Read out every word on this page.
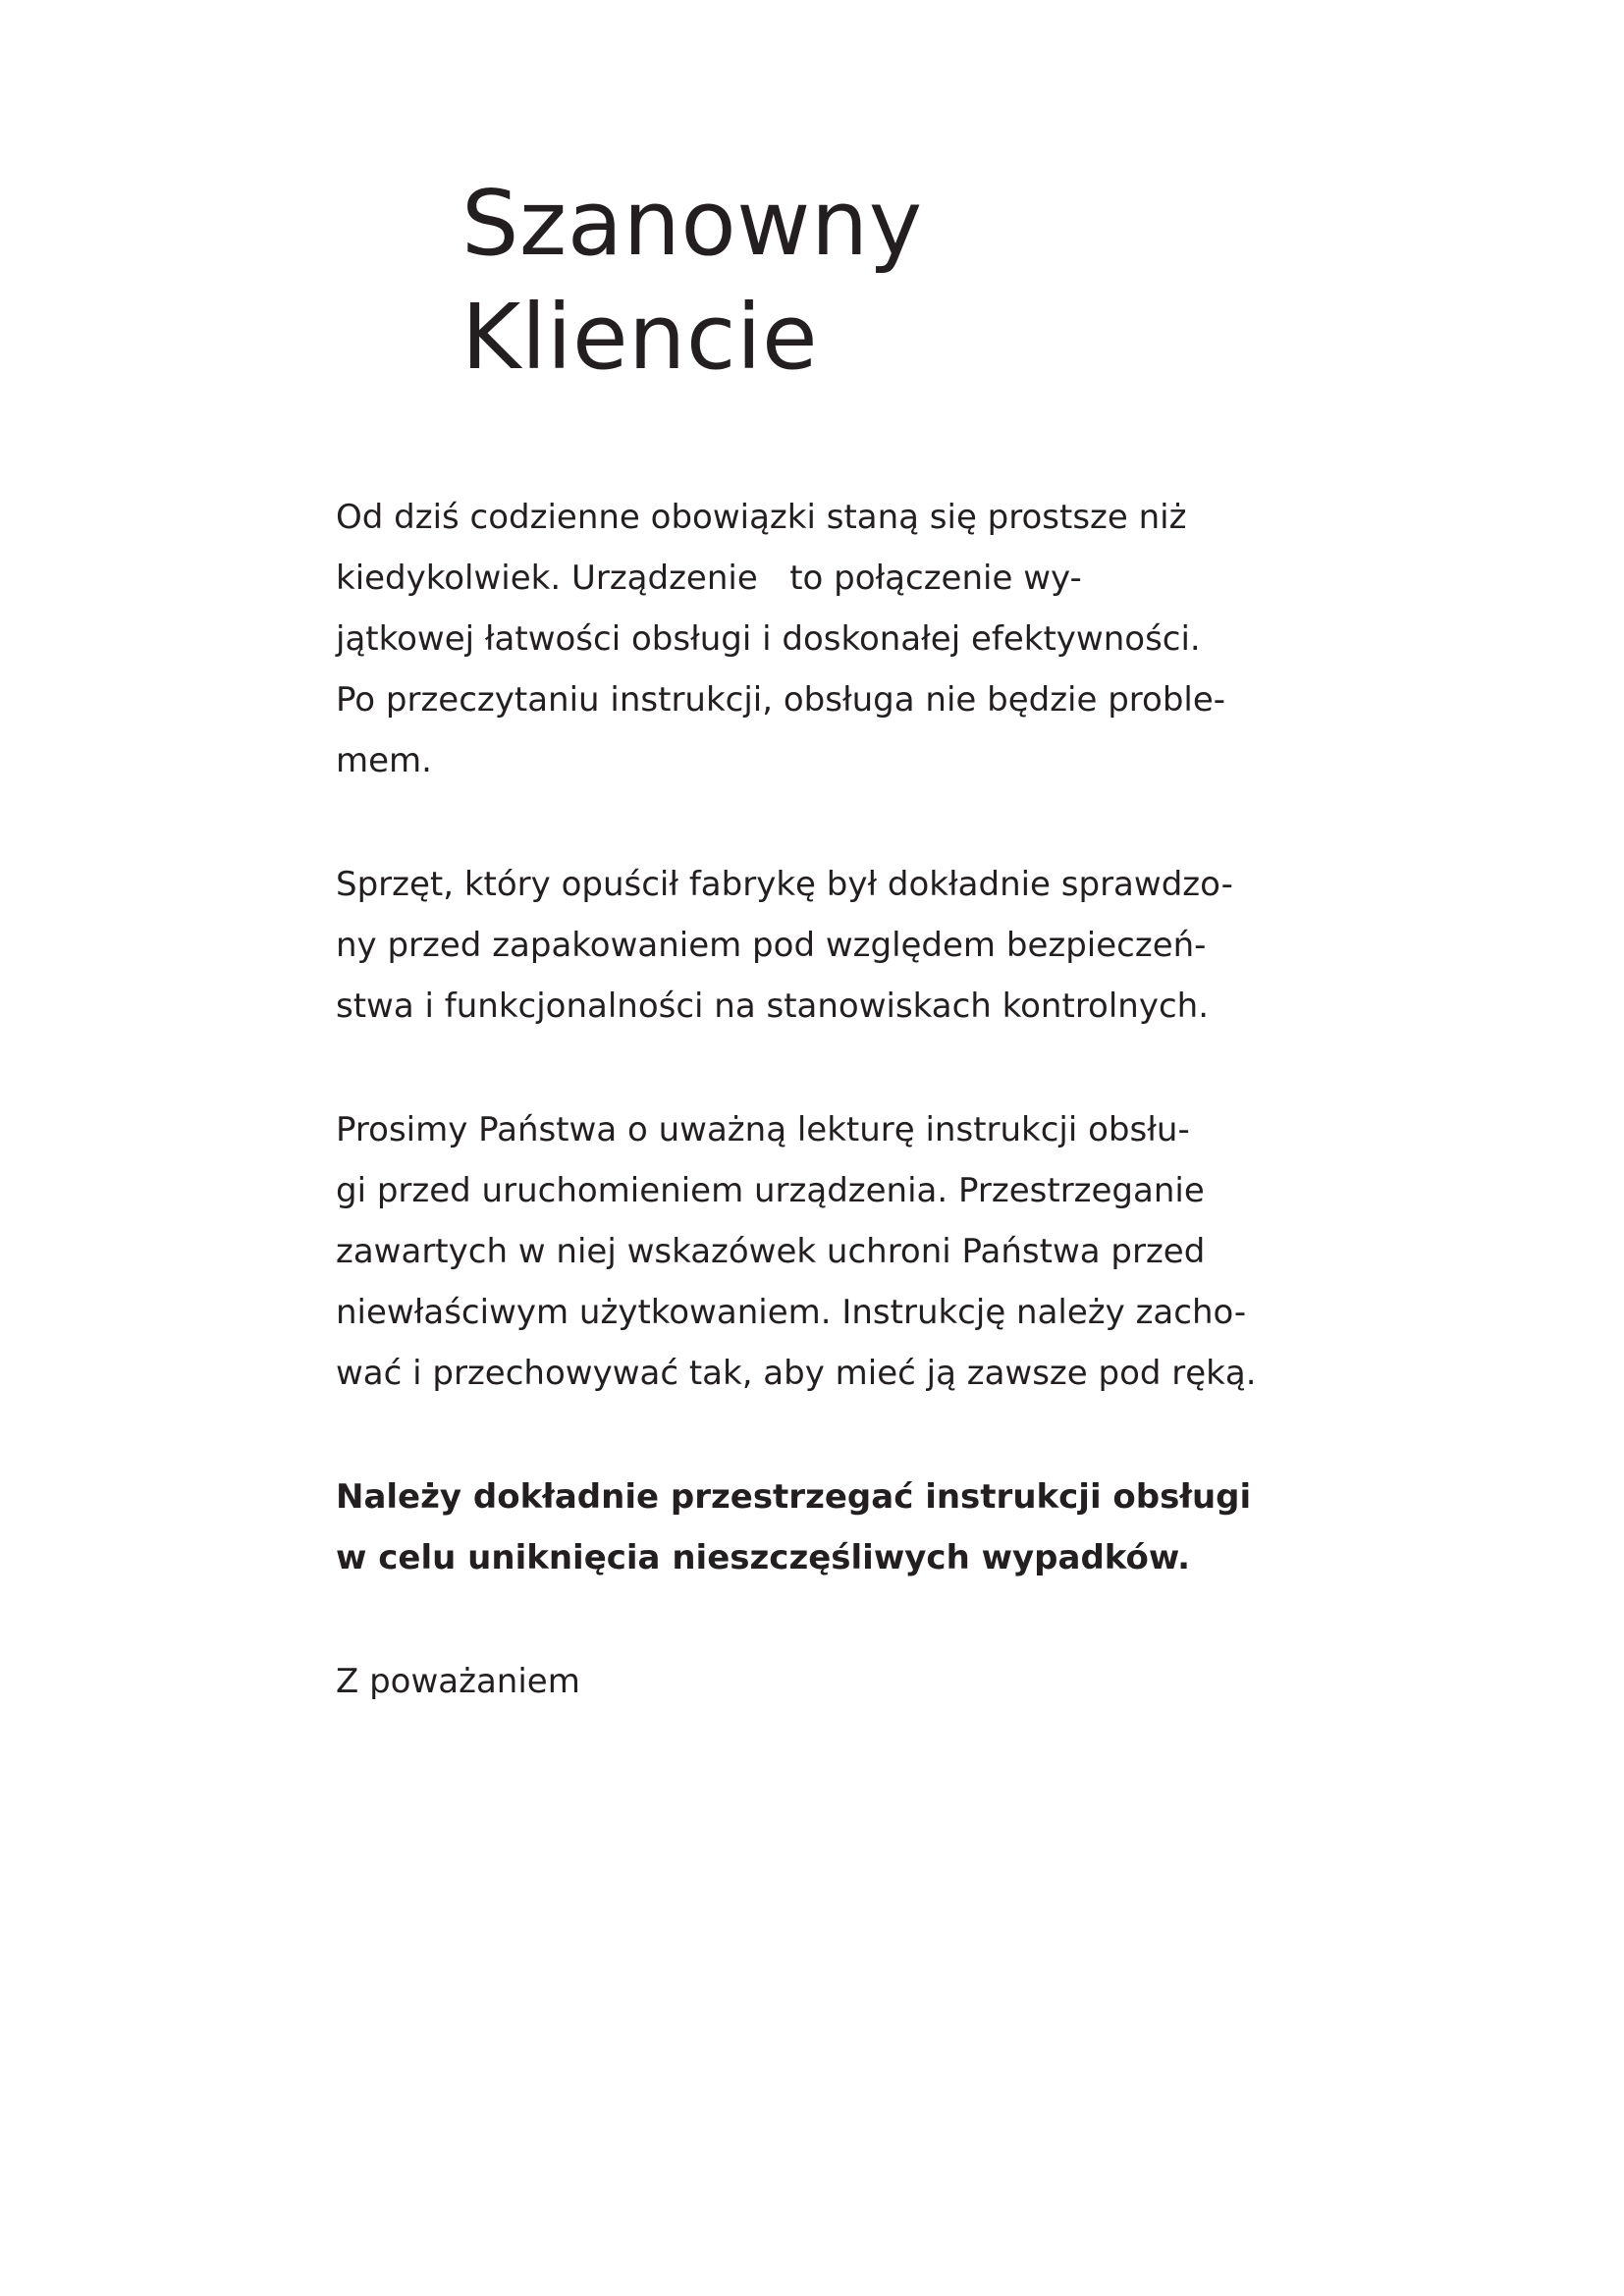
Szanowny
Kliencie

Od dziś codzienne obowiązki staną się prostsze niż
kiedykolwiek. Urządzenie   to połączenie wy-
jątkowej łatwości obsługi i doskonałej efektywności.
Po przeczytaniu instrukcji, obsługa nie będzie proble-
mem.

Sprzęt, który opuścił fabrykę był dokładnie sprawdzo-
ny przed zapakowaniem pod względem bezpieczeń-
stwa i funkcjonalności na stanowiskach kontrolnych.

Prosimy Państwa o uważną lekturę instrukcji obsłu-
gi przed uruchomieniem urządzenia. Przestrzeganie
zawartych w niej wskazówek uchroni Państwa przed
niewłaściwym użytkowaniem. Instrukcję należy zacho-
wać i przechowywać tak, aby mieć ją zawsze pod ręką.

Należy dokładnie przestrzegać instrukcji obsługi
w celu uniknięcia nieszczęśliwych wypadków.

Z poważaniem
